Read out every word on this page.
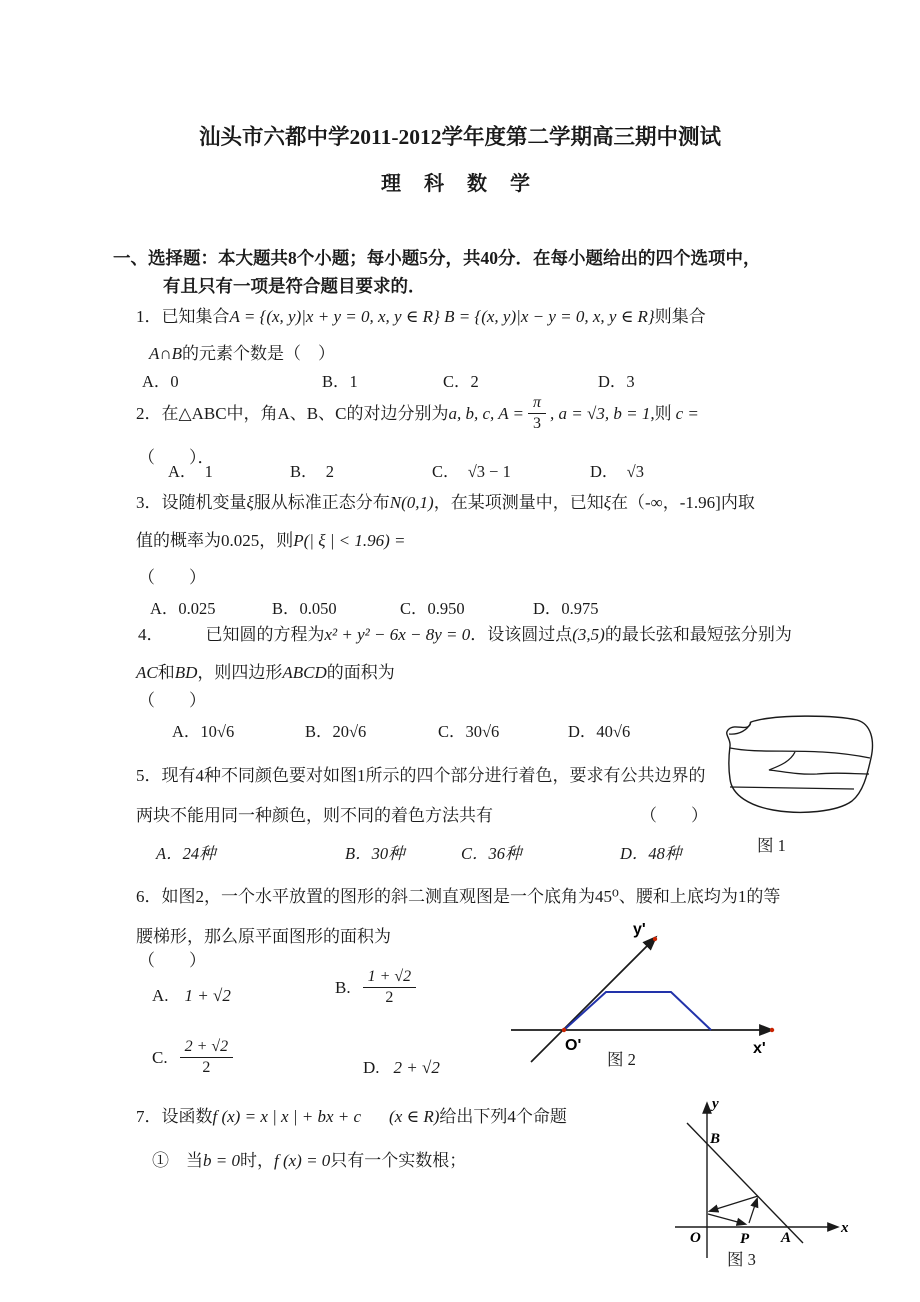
汕头市六都中学2011-2012学年度第二学期高三期中测试
理 科 数 学
一、选择题：本大题共8个小题；每小题5分，共40分．在每小题给出的四个选项中，
有且只有一项是符合题目要求的．
1．已知集合A = {(x, y)|x + y = 0, x, y ∈ R} B = {(x, y)|x − y = 0, x, y ∈ R}则集合
A∩B的元素个数是（　）
A．0	B．1	C．2	D．3
2． 在△ABC中，角A、B、C的对边分别为 a, b, c, $A = \frac{\pi}{3}$ , a = √3, b = 1, 则 c =
（　　）．
A．　1	B．　2	C．　√3 − 1	D．　√3
3．设随机变量ξ服从标准正态分布N(0,1)，在某项测量中，已知ξ在（-∞，-1.96]内取
值的概率为0.025，则P(| ξ | < 1.96) =
（　　）
A．0.025	B．0.050	C．0.950	D．0.975
4． 已知圆的方程为x² + y² − 6x − 8y = 0．设该圆过点(3,5)的最长弦和最短弦分别为
AC和BD，则四边形ABCD的面积为
（　　）
A．10√6	B．20√6	C．30√6	D．40√6
5．现有4种不同颜色要对如图1所示的四个部分进行着色，要求有公共边界的
两块不能用同一种颜色，则不同的着色方法共有	（　　）
A．24种	B．30种	C．36种	D．48种	图 1
6．如图2，一个水平放置的图形的斜二测直观图是一个底角为45⁰、腰和上底均为1的等
腰梯形，那么原平面图形的面积为
（　　）
A. 1 + √2	B. $\frac{1 + √2}{2}$
C. $\frac{2 + √2}{2}$	D. 2 + √2
y'
x'
O'
图 2
7．设函数f (x) = x | x | + bx + c (x ∈ R)给出下列4个命题
①　当b = 0时，f (x) = 0只有一个实数根；
y
x
B
O	P A
图 3
